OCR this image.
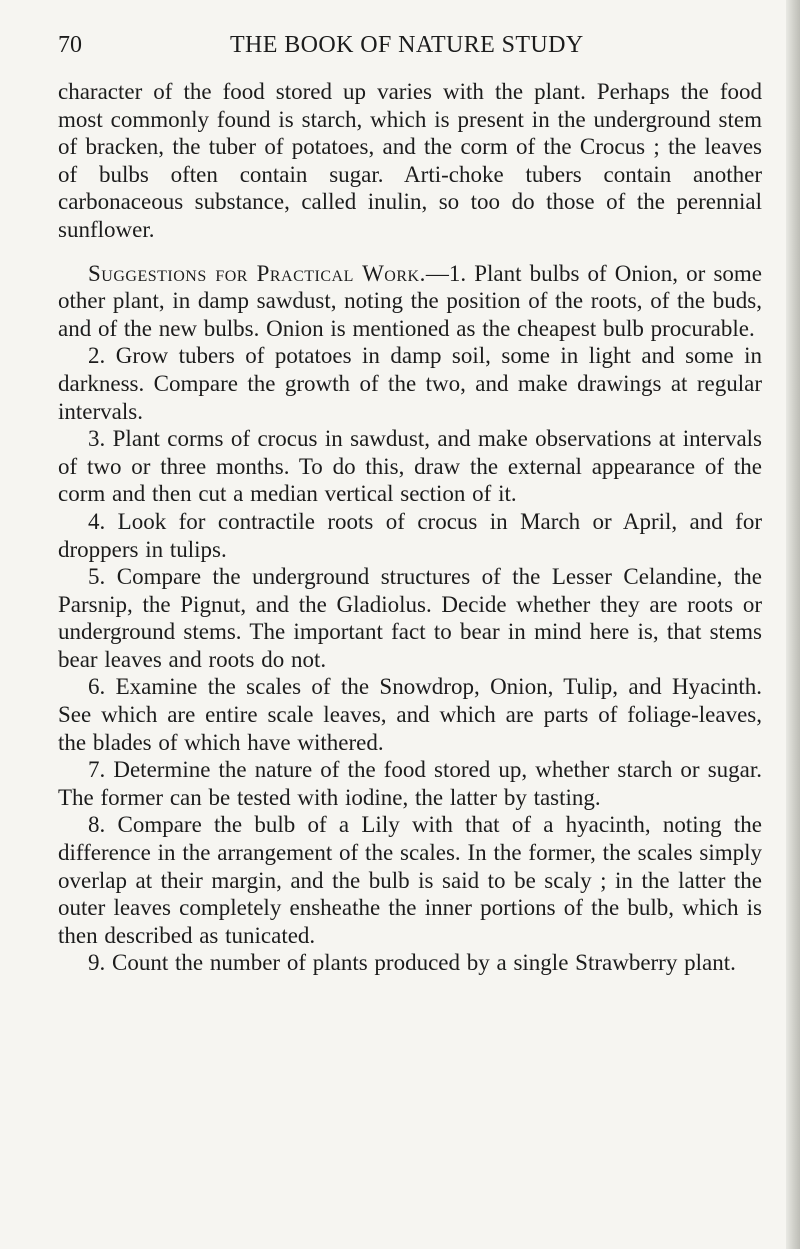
70	THE BOOK OF NATURE STUDY

character of the food stored up varies with the plant. Perhaps the food most commonly found is starch, which is present in the underground stem of bracken, the tuber of potatoes, and the corm of the Crocus ; the leaves of bulbs often contain sugar. Arti-choke tubers contain another carbonaceous substance, called inulin, so too do those of the perennial sunflower.

Suggestions for Practical Work.—1. Plant bulbs of Onion, or some other plant, in damp sawdust, noting the position of the roots, of the buds, and of the new bulbs. Onion is mentioned as the cheapest bulb procurable.

2. Grow tubers of potatoes in damp soil, some in light and some in darkness. Compare the growth of the two, and make drawings at regular intervals.

3. Plant corms of crocus in sawdust, and make observations at intervals of two or three months. To do this, draw the external appearance of the corm and then cut a median vertical section of it.

4. Look for contractile roots of crocus in March or April, and for droppers in tulips.

5. Compare the underground structures of the Lesser Celandine, the Parsnip, the Pignut, and the Gladiolus. Decide whether they are roots or underground stems. The important fact to bear in mind here is, that stems bear leaves and roots do not.

6. Examine the scales of the Snowdrop, Onion, Tulip, and Hyacinth. See which are entire scale leaves, and which are parts of foliage-leaves, the blades of which have withered.

7. Determine the nature of the food stored up, whether starch or sugar. The former can be tested with iodine, the latter by tasting.

8. Compare the bulb of a Lily with that of a hyacinth, noting the difference in the arrangement of the scales. In the former, the scales simply overlap at their margin, and the bulb is said to be scaly ; in the latter the outer leaves completely ensheathe the inner portions of the bulb, which is then described as tunicated.

9. Count the number of plants produced by a single Strawberry plant.
